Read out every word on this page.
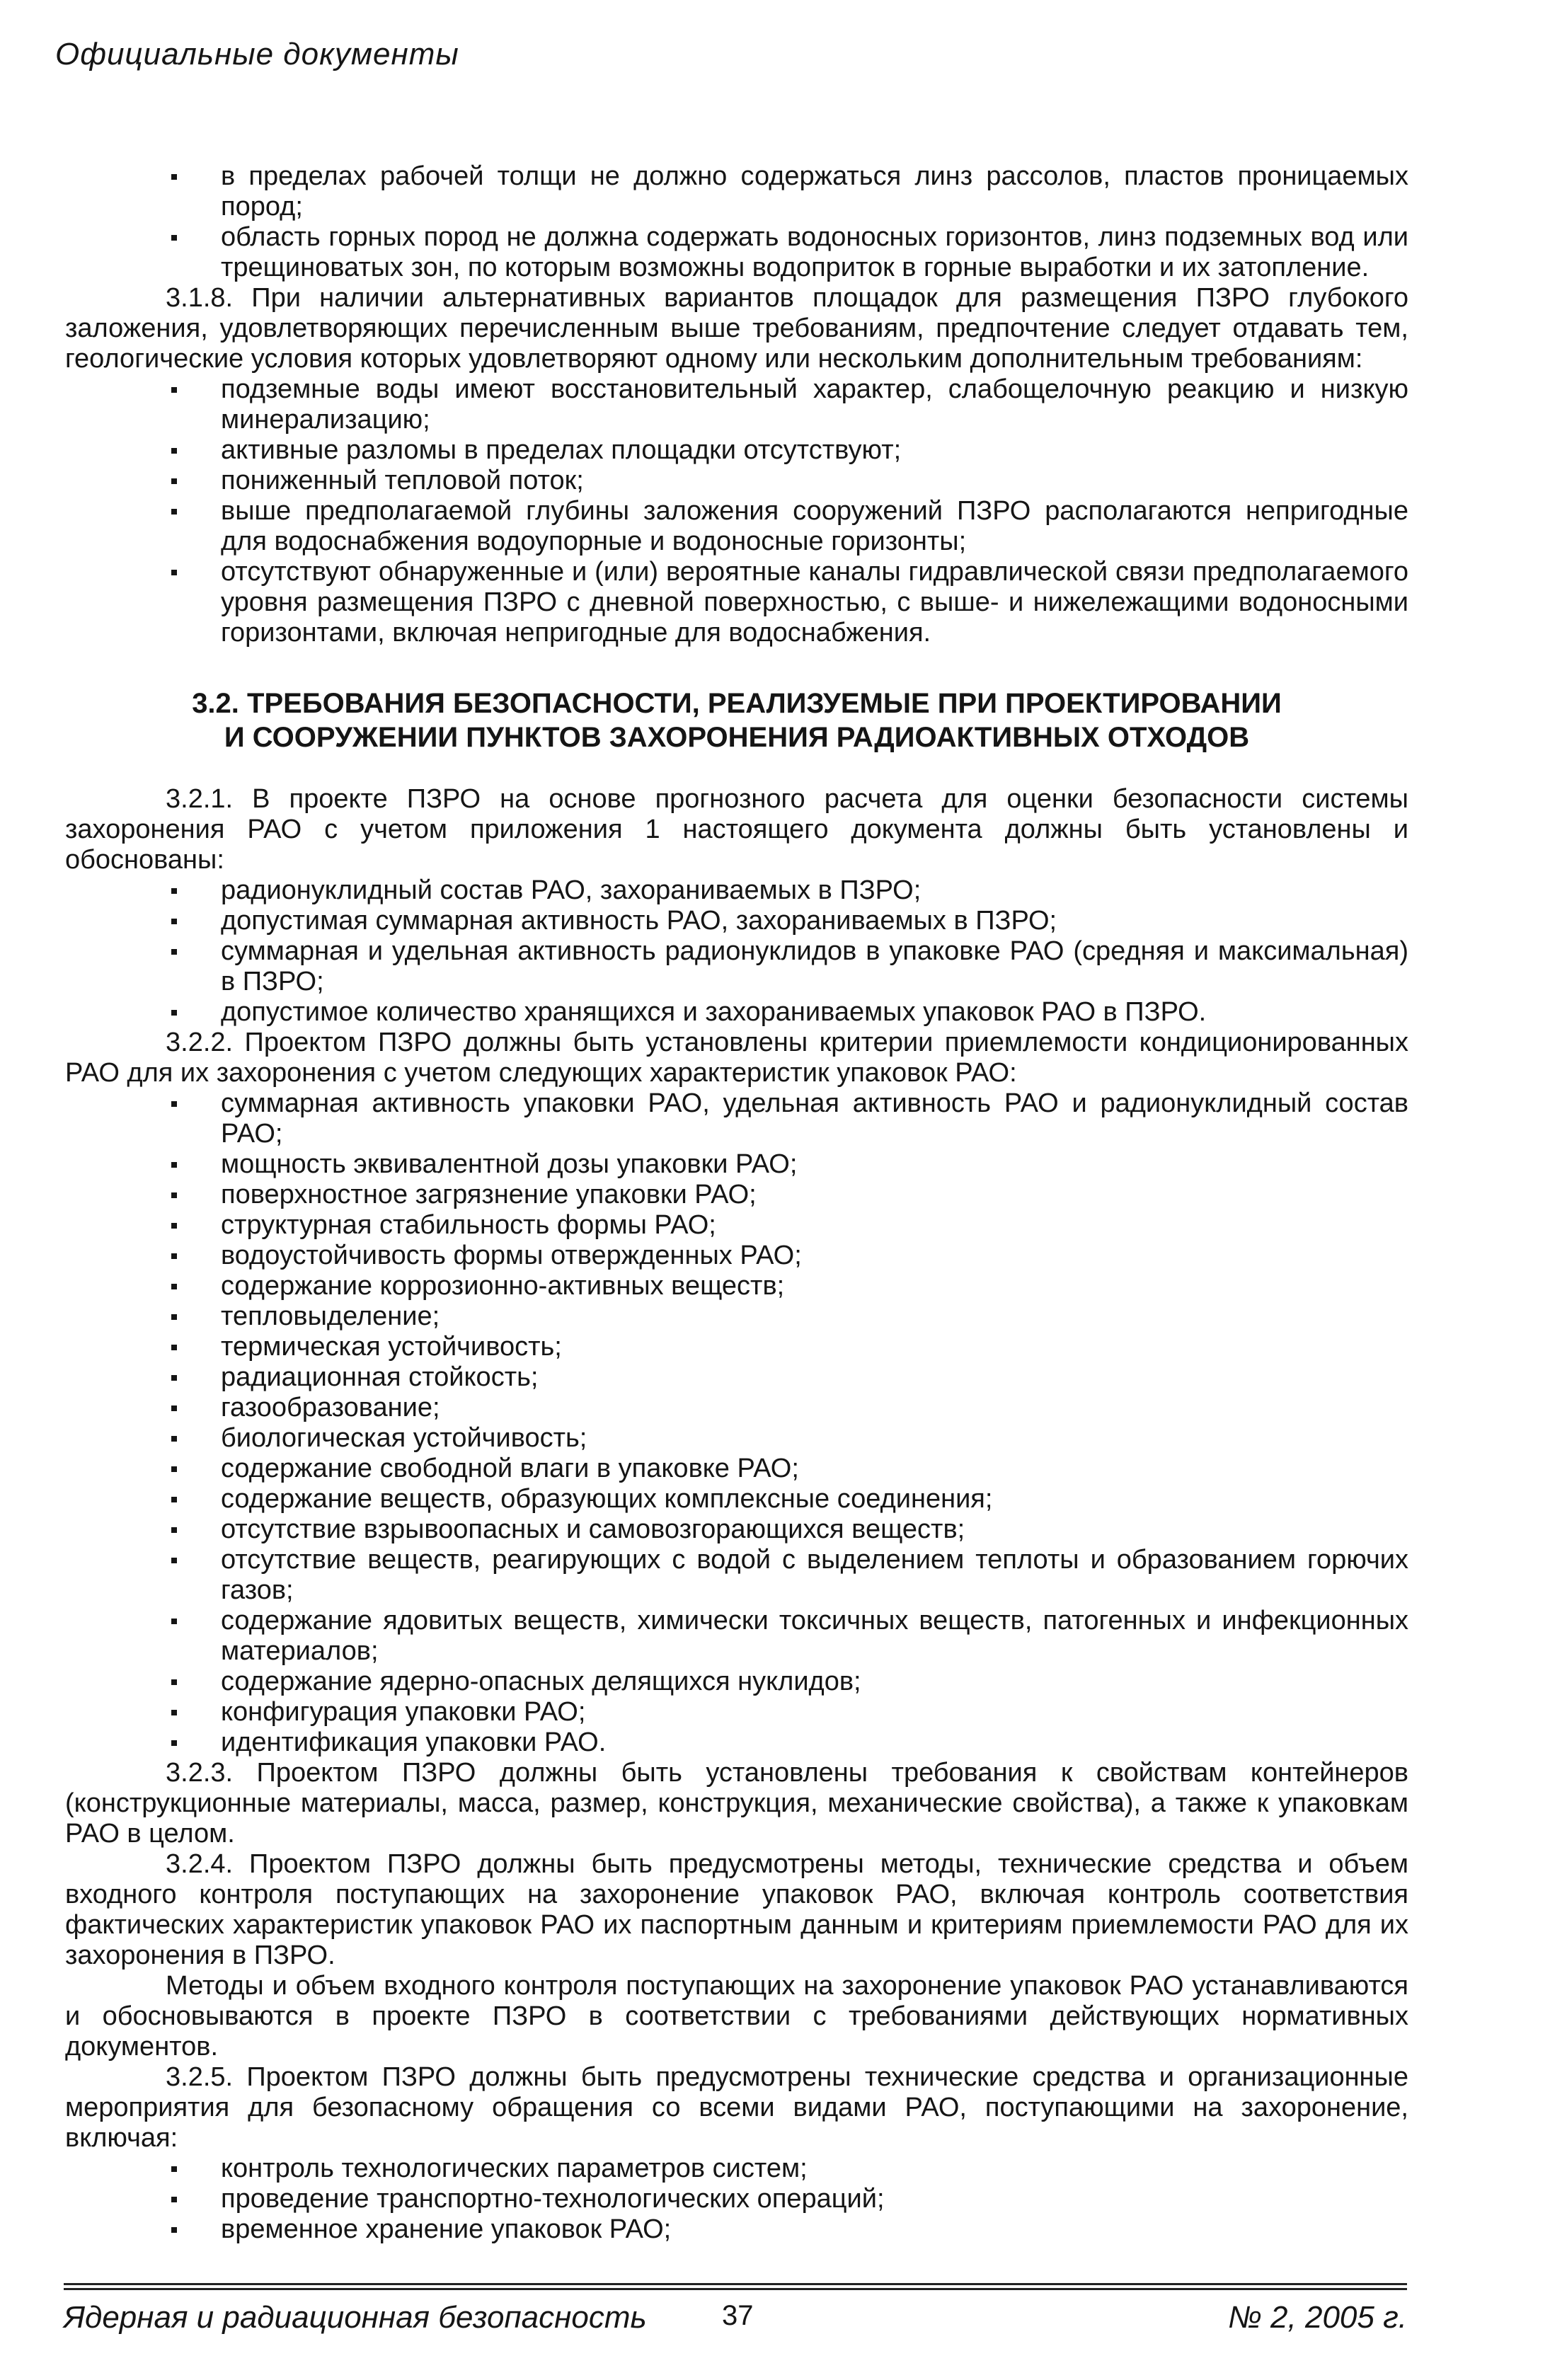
Официальные документы
в пределах рабочей толщи не должно содержаться линз рассолов, пластов проницаемых пород;
область горных пород не должна содержать водоносных горизонтов, линз подземных вод или трещиноватых зон, по которым возможны водоприток в горные выработки и их затопление.

3.1.8. При наличии альтернативных вариантов площадок для размещения ПЗРО глубокого заложения, удовлетворяющих перечисленным выше требованиям, предпочтение следует отдавать тем, геологические условия которых удовлетворяют одному или нескольким дополнительным требованиям:

подземные воды имеют восстановительный характер, слабощелочную реакцию и низкую минерализацию;
активные разломы в пределах площадки отсутствуют;
пониженный тепловой поток;
выше предполагаемой глубины заложения сооружений ПЗРО располагаются непригодные для водоснабжения водоупорные и водоносные горизонты;
отсутствуют обнаруженные и (или) вероятные каналы гидравлической связи предполагаемого уровня размещения ПЗРО с дневной поверхностью, с выше- и нижележащими водоносными горизонтами, включая непригодные для водоснабжения.
3.2. ТРЕБОВАНИЯ БЕЗОПАСНОСТИ, РЕАЛИЗУЕМЫЕ ПРИ ПРОЕКТИРОВАНИИ
И СООРУЖЕНИИ ПУНКТОВ ЗАХОРОНЕНИЯ РАДИОАКТИВНЫХ ОТХОДОВ

3.2.1. В проекте ПЗРО на основе прогнозного расчета для оценки безопасности системы захоронения РАО с учетом приложения 1 настоящего документа должны быть установлены и обоснованы:

радионуклидный состав РАО, захораниваемых в ПЗРО;
допустимая суммарная активность РАО, захораниваемых в ПЗРО;
суммарная и удельная активность радионуклидов в упаковке РАО (средняя и максимальная) в ПЗРО;
допустимое количество хранящихся и захораниваемых упаковок РАО в ПЗРО.

3.2.2. Проектом ПЗРО должны быть установлены критерии приемлемости кондиционированных РАО для их захоронения с учетом следующих характеристик упаковок РАО:

суммарная активность упаковки РАО, удельная активность РАО и радионуклидный состав РАО;
мощность эквивалентной дозы упаковки РАО;
поверхностное загрязнение упаковки РАО;
структурная стабильность формы РАО;
водоустойчивость формы отвержденных РАО;
содержание коррозионно-активных веществ;
тепловыделение;
термическая устойчивость;
радиационная стойкость;
газообразование;
биологическая устойчивость;
содержание свободной влаги в упаковке РАО;
содержание веществ, образующих комплексные соединения;
отсутствие взрывоопасных и самовозгорающихся веществ;
отсутствие веществ, реагирующих с водой с выделением теплоты и образованием горючих газов;
содержание ядовитых веществ, химически токсичных веществ, патогенных и инфекционных материалов;
содержание ядерно-опасных делящихся нуклидов;
конфигурация упаковки РАО;
идентификация упаковки РАО.

3.2.3. Проектом ПЗРО должны быть установлены требования к свойствам контейнеров (конструкционные материалы, масса, размер, конструкция, механические свойства), а также к упаковкам РАО в целом.

3.2.4. Проектом ПЗРО должны быть предусмотрены методы, технические средства и объем входного контроля поступающих на захоронение упаковок РАО, включая контроль соответствия фактических характеристик упаковок РАО их паспортным данным и критериям приемлемости РАО для их захоронения в ПЗРО.

Методы и объем входного контроля поступающих на захоронение упаковок РАО устанавливаются и обосновываются в проекте ПЗРО в соответствии с требованиями действующих нормативных документов.

3.2.5. Проектом ПЗРО должны быть предусмотрены технические средства и организационные мероприятия для безопасному обращения со всеми видами РАО, поступающими на захоронение, включая:

контроль технологических параметров систем;
проведение транспортно-технологических операций;
временное хранение упаковок РАО;
Ядерная и радиационная безопасность	37	№ 2, 2005 г.
